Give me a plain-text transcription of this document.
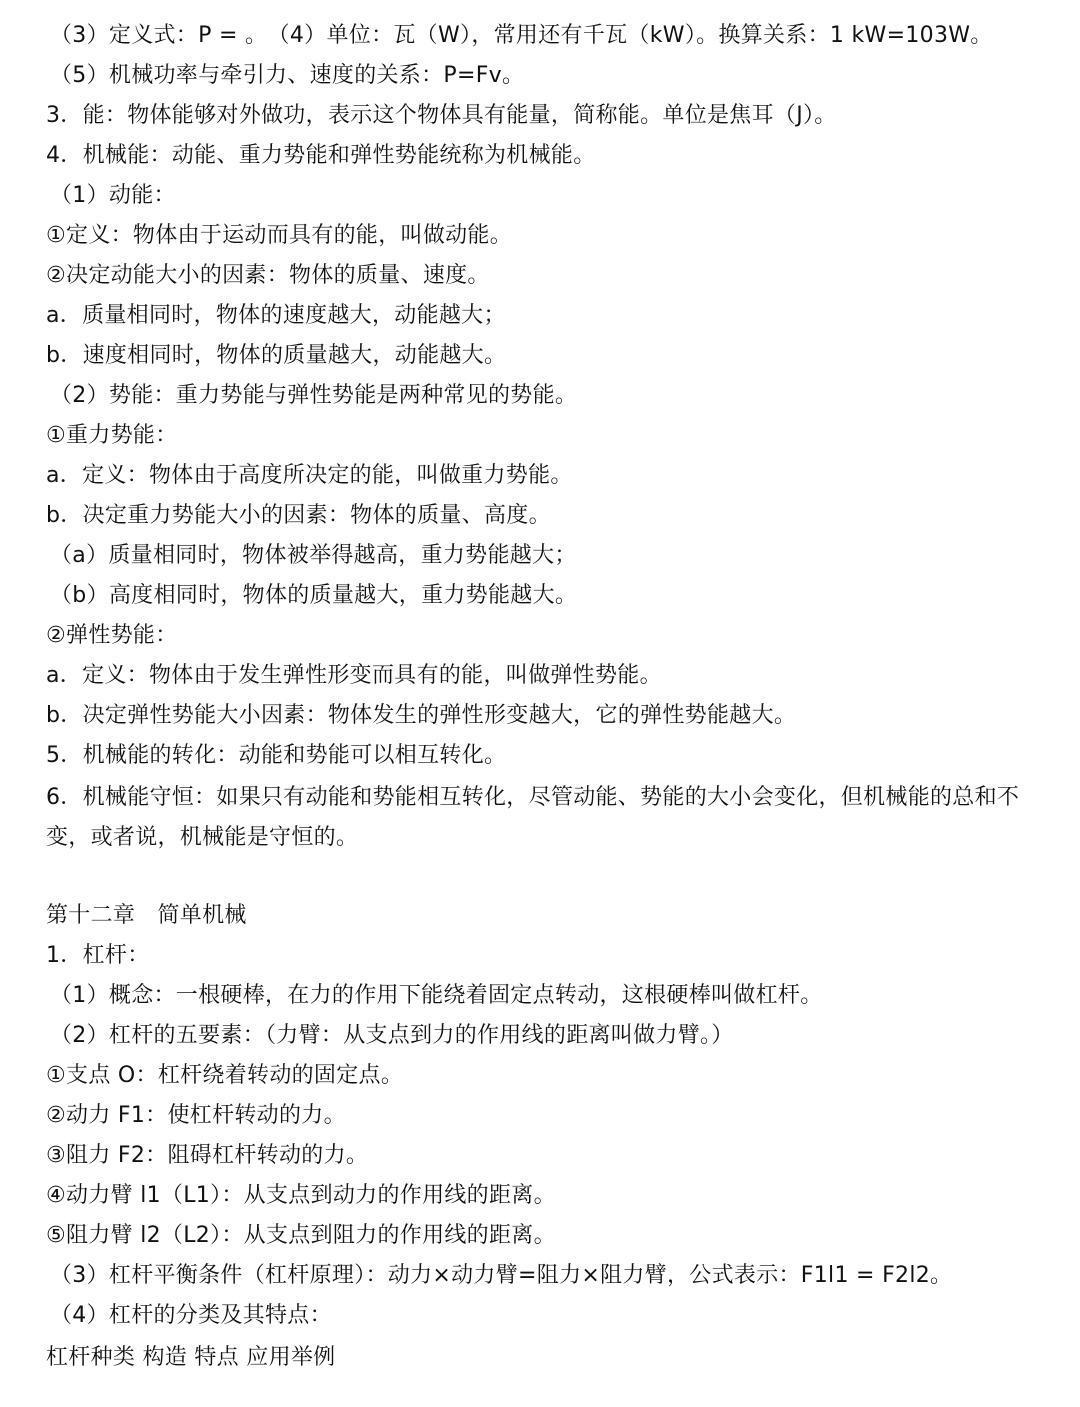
（3）定义式：P = 。　（4）单位：瓦（W），常用还有千瓦（kW）。换算关系：1 kW=103W。
（5）机械功率与牵引力、速度的关系：P=Fv。
3．能：物体能够对外做功，表示这个物体具有能量，简称能。单位是焦耳（J）。
4．机械能：动能、重力势能和弹性势能统称为机械能。
（1）动能：
①定义：物体由于运动而具有的能，叫做动能。
②决定动能大小的因素：物体的质量、速度。
a．质量相同时，物体的速度越大，动能越大；
b．速度相同时，物体的质量越大，动能越大。
（2）势能：重力势能与弹性势能是两种常见的势能。
①重力势能：
a．定义：物体由于高度所决定的能，叫做重力势能。
b．决定重力势能大小的因素：物体的质量、高度。
（a）质量相同时，物体被举得越高，重力势能越大；
（b）高度相同时，物体的质量越大，重力势能越大。
②弹性势能：
a．定义：物体由于发生弹性形变而具有的能，叫做弹性势能。
b．决定弹性势能大小因素：物体发生的弹性形变越大，它的弹性势能越大。
5．机械能的转化：动能和势能可以相互转化。
6．机械能守恒：如果只有动能和势能相互转化，尽管动能、势能的大小会变化，但机械能的总和不变，或者说，机械能是守恒的。
第十二章　简单机械
1．杠杆：
（1）概念：一根硬棒，在力的作用下能绕着固定点转动，这根硬棒叫做杠杆。
（2）杠杆的五要素：（力臂：从支点到力的作用线的距离叫做力臂。）
①支点 O：杠杆绕着转动的固定点。
②动力 F1：使杠杆转动的力。
③阻力 F2：阻碍杠杆转动的力。
④动力臂 l1（L1）：从支点到动力的作用线的距离。
⑤阻力臂 l2（L2）：从支点到阻力的作用线的距离。
（3）杠杆平衡条件（杠杆原理）：动力×动力臂=阻力×阻力臂，公式表示：F1l1 = F2l2。
（4）杠杆的分类及其特点：
杠杆种类 构造 特点 应用举例
